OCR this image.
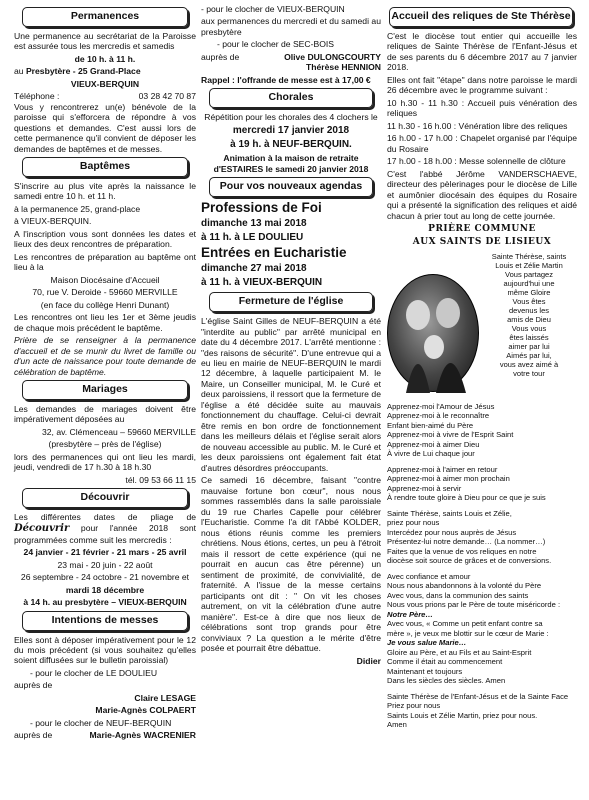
Permanences

Une permanence au secrétariat de la Paroisse est assurée tous les mercredis et samedis

de 10 h. à 11 h.

au Presbytère - 25 Grand-Place

VIEUX-BERQUIN

Téléphone :	03 28 42 70 87

Vous y rencontrerez un(e) bénévole de la paroisse qui s'efforcera de répondre à vos questions et demandes. C'est aussi lors de cette permanence qu'il convient de déposer les demandes de baptêmes et de messes.

Baptêmes

S'inscrire au plus vite après la naissance le samedi entre 10 h. et 11 h.

à la permanence 25, grand-place

à VIEUX-BERQUIN.

A l'inscription vous sont données les dates et lieux des deux rencontres de préparation.

Les rencontres de préparation au baptême ont lieu à la

Maison Diocésaine d'Accueil

70, rue V. Deroide - 59660 MERVILLE

(en face du collège Henri Dunant)

Les rencontres ont lieu les 1er et 3ème jeudis de chaque mois précédent le baptême.

Prière de se renseigner à la permanence d'accueil et de se munir du livret de famille ou d'un acte de naissance pour toute demande de célébration de baptême.

Mariages

Les demandes de mariages doivent être impérativement déposées au

32, av. Clémenceau – 59660 MERVILLE

(presbytère – près de l'église)

lors des permanences qui ont lieu les mardi, jeudi, vendredi de 17 h.30 à 18 h.30

tél. 09 53 66 11 15

Découvrir

Les différentes dates de pliage de Découvrir pour l'année 2018 sont programmées comme suit les mercredis :

24 janvier - 21 février - 21 mars - 25 avril

23 mai - 20 juin - 22 août

26 septembre - 24 octobre - 21 novembre et

mardi 18 décembre

à 14 h. au presbytère – VIEUX-BERQUIN

Intentions de messes

Elles sont à déposer impérativement pour le 12 du mois précédent (si vous souhaitez qu'elles soient diffusées sur le bulletin paroissial)

- pour le clocher de LE DOULIEU

auprès de

Claire LESAGE

Marie-Agnès COLPAERT

- pour le clocher de NEUF-BERQUIN

auprès de	Marie-Agnès WACRENIER

- pour le clocher de VIEUX-BERQUIN

aux permanences du mercredi et du samedi au presbytère

- pour le clocher de SEC-BOIS

auprès de	Olive DULONGCOURTY

Thérèse HENNION

Rappel : l'offrande de messe est à 17,00 €

Chorales

Répétition pour les chorales des 4 clochers le

mercredi 17 janvier 2018

à 19 h. à NEUF-BERQUIN.

Animation à la maison de retraite d'ESTAIRES le samedi 20 janvier 2018

Pour vos nouveaux agendas

Professions de Foi

dimanche 13 mai 2018

à 11 h. à LE DOULIEU

Entrées en Eucharistie

dimanche 27 mai 2018

à 11 h. à VIEUX-BERQUIN

Fermeture de l'église

L'église Saint Gilles de NEUF-BERQUIN a été "interdite au public" par arrêté municipal en date du 4 décembre 2017. L'arrêté mentionne : "des raisons de sécurité". D'une entrevue qui a eu lieu en mairie de NEUF-BERQUIN le mardi 12 décembre, à laquelle participaient M. le Maire, un Conseiller municipal, M. le Curé et deux paroissiens, il ressort que la fermeture de l'église a été décidée suite au mauvais fonctionnement du chauffage. Celui-ci devrait être remis en bon ordre de fonctionnement dans les meilleurs délais et l'église serait alors de nouveau accessible au public. M. le Curé et les deux paroissiens ont également fait état d'autres désordres préoccupants.

Ce samedi 16 décembre, faisant "contre mauvaise fortune bon cœur", nous nous sommes rassemblés dans la salle paroissiale du 19 rue Charles Capelle pour célébrer l'Eucharistie. Comme l'a dit l'Abbé KOLDER, nous étions réunis comme les premiers chrétiens. Nous étions, certes, un peu à l'étroit mais il ressort de cette expérience (qui ne pourrait en aucun cas être pérenne) un sentiment de proximité, de convivialité, de fraternité. A l'issue de la messe certains participants ont dit : " On vit les choses autrement, on vit la célébration d'une autre manière". Est-ce à dire que nos lieux de célébrations sont trop grands pour être conviviaux ? La question a le mérite d'être posée et pourrait être débattue.

Didier

Accueil des reliques de Ste Thérèse

C'est le diocèse tout entier qui accueille les reliques de Sainte Thérèse de l'Enfant-Jésus et de ses parents du 6 décembre 2017 au 7 janvier 2018.

Elles ont fait "étape" dans notre paroisse le mardi 26 décembre avec le programme suivant :

10 h.30 - 11 h.30 : Accueil puis vénération des reliques

11 h.30 - 16 h.00 : Vénération libre des reliques

16 h.00 - 17 h.00 : Chapelet organisé par l'équipe du Rosaire

17 h.00 - 18 h.00 : Messe solennelle de clôture

C'est l'abbé Jérôme VANDERSCHAEVE, directeur des pèlerinages pour le diocèse de Lille et aumônier diocésain des équipes du Rosaire qui a présenté la signification des reliques et aidé chacun à prier tout au long de cette journée.

PRIÈRE COMMUNE

AUX SAINTS DE LISIEUX

Sainte Thérèse, saints
Louis et Zélie Martin
Vous partagez
aujourd'hui une
même Gloire
Vous êtes
devenus les
amis de Dieu
Vous vous
êtes laissés
aimer par lui
Aimés par lui,
vous avez aimé à
votre tour

Apprenez-moi l'Amour de Jésus

Apprenez-moi à le reconnaître

Enfant bien-aimé du Père

Apprenez-moi à vivre de l'Esprit Saint

Apprenez-moi à aimer Dieu

À vivre de Lui chaque jour

Apprenez-moi à l'aimer en retour

Apprenez-moi à aimer mon prochain

Apprenez-moi à servir

À rendre toute gloire à Dieu pour ce que je suis

Sainte Thérèse, saints Louis et Zélie,

priez pour nous

Intercédez pour nous auprès de Jésus

Présentez-lui notre demande… (La nommer…)

Faites que la venue de vos reliques en notre

diocèse soit source de grâces et de conversions.

Avec confiance et amour

Nous nous abandonnons à la volonté du Père

Avec vous, dans la communion des saints

Nous vous prions par le Père de toute miséricorde :

Notre Père…

Avec vous, « Comme un petit enfant contre sa

mère », je veux me blottir sur le cœur de Marie :

Je vous salue Marie…

Gloire au Père, et au Fils et au Saint-Esprit

Comme il était au commencement

Maintenant et toujours

Dans les siècles des siècles. Amen

Sainte Thérèse de l'Enfant-Jésus et de la Sainte Face

Priez pour nous

Saints Louis et Zélie Martin, priez pour nous.

Amen
